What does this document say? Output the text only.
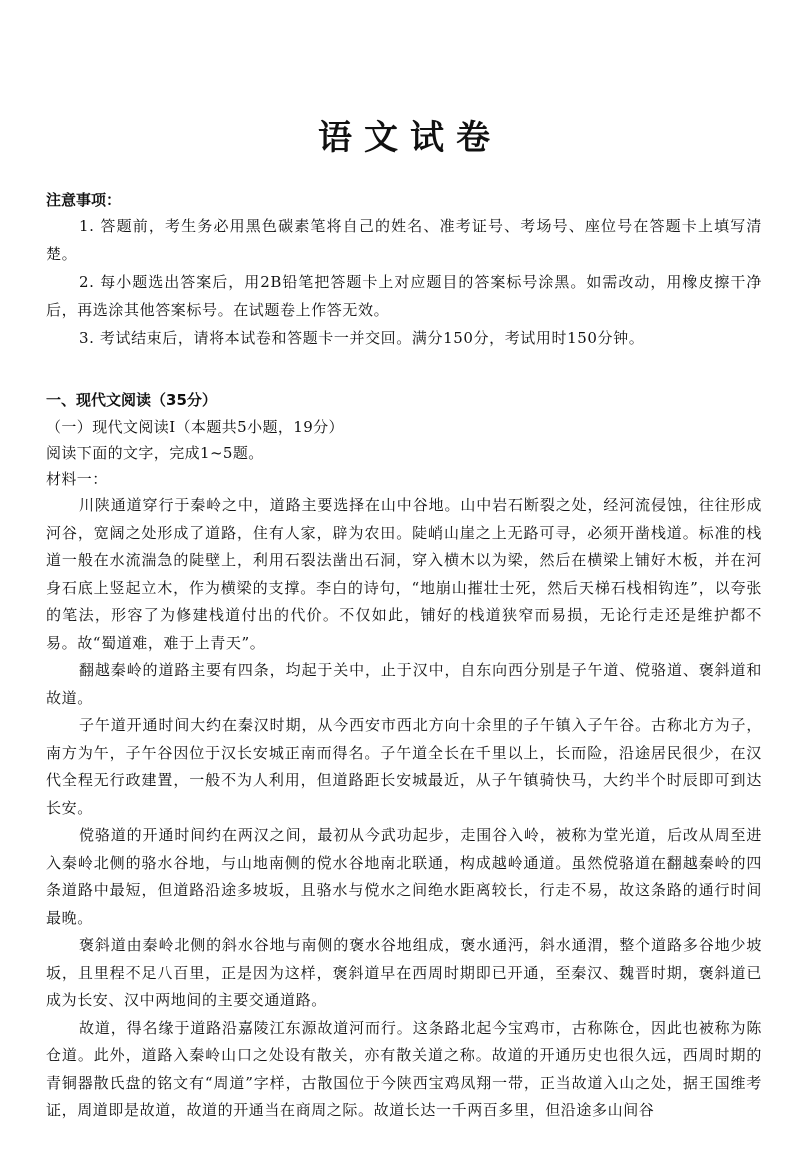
语文试卷
注意事项：

1. 答题前，考生务必用黑色碳素笔将自己的姓名、准考证号、考场号、座位号在答题卡上填写清楚。

2. 每小题选出答案后，用2B铅笔把答题卡上对应题目的答案标号涂黑。如需改动，用橡皮擦干净后，再选涂其他答案标号。在试题卷上作答无效。

3. 考试结束后，请将本试卷和答题卡一并交回。满分150分，考试用时150分钟。

一、现代文阅读（35分）
（一）现代文阅读Ⅰ（本题共5小题，19分）
阅读下面的文字，完成1~5题。
材料一：

川陕通道穿行于秦岭之中，道路主要选择在山中谷地。山中岩石断裂之处，经河流侵蚀，往往形成河谷，宽阔之处形成了道路，住有人家，辟为农田。陡峭山崖之上无路可寻，必须开凿栈道。标准的栈道一般在水流湍急的陡壁上，利用石裂法凿出石洞，穿入横木以为梁，然后在横梁上铺好木板，并在河身石底上竖起立木，作为横梁的支撑。李白的诗句，“地崩山摧壮士死，然后天梯石栈相钩连”，以夸张的笔法，形容了为修建栈道付出的代价。不仅如此，铺好的栈道狭窄而易损，无论行走还是维护都不易。故“蜀道难，难于上青天”。

翻越秦岭的道路主要有四条，均起于关中，止于汉中，自东向西分别是子午道、傥骆道、褒斜道和故道。

子午道开通时间大约在秦汉时期，从今西安市西北方向十余里的子午镇入子午谷。古称北方为子，南方为午，子午谷因位于汉长安城正南而得名。子午道全长在千里以上，长而险，沿途居民很少，在汉代全程无行政建置，一般不为人利用，但道路距长安城最近，从子午镇骑快马，大约半个时辰即可到达长安。

傥骆道的开通时间约在两汉之间，最初从今武功起步，走围谷入岭，被称为堂光道，后改从周至进入秦岭北侧的骆水谷地，与山地南侧的傥水谷地南北联通，构成越岭通道。虽然傥骆道在翻越秦岭的四条道路中最短，但道路沿途多坡坂，且骆水与傥水之间绝水距离较长，行走不易，故这条路的通行时间最晚。

褒斜道由秦岭北侧的斜水谷地与南侧的褒水谷地组成，褒水通沔，斜水通渭，整个道路多谷地少坡坂，且里程不足八百里，正是因为这样，褒斜道早在西周时期即已开通，至秦汉、魏晋时期，褒斜道已成为长安、汉中两地间的主要交通道路。

故道，得名缘于道路沿嘉陵江东源故道河而行。这条路北起今宝鸡市，古称陈仓，因此也被称为陈仓道。此外，道路入秦岭山口之处设有散关，亦有散关道之称。故道的开通历史也很久远，西周时期的青铜器散氏盘的铭文有“周道”字样，古散国位于今陕西宝鸡凤翔一带，正当故道入山之处，据王国维考证，周道即是故道，故道的开通当在商周之际。故道长达一千两百多里，但沿途多山间谷
